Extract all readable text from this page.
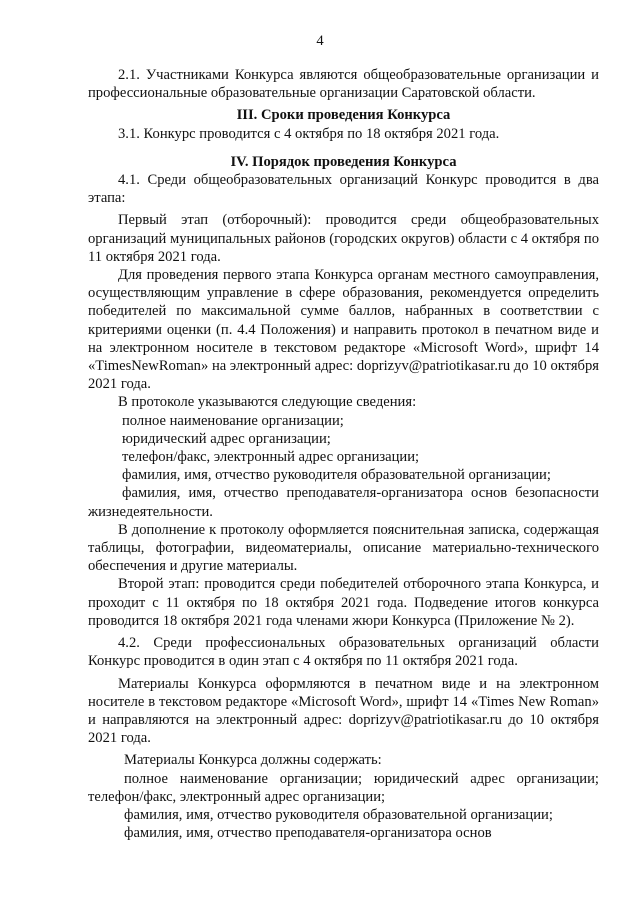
4

2.1. Участниками Конкурса являются общеобразовательные организации и профессиональные образовательные организации Саратовской области.

III. Сроки проведения Конкурса

3.1. Конкурс проводится с 4 октября по 18 октября 2021 года.

IV. Порядок проведения Конкурса

4.1. Среди общеобразовательных организаций Конкурс проводится в два этапа:

Первый этап (отборочный): проводится среди общеобразовательных организаций муниципальных районов (городских округов) области с 4 октября по 11 октября 2021 года.

Для проведения первого этапа Конкурса органам местного самоуправления, осуществляющим управление в сфере образования, рекомендуется определить победителей по максимальной сумме баллов, набранных в соответствии с критериями оценки (п. 4.4 Положения) и направить протокол в печатном виде и на электронном носителе в текстовом редакторе «Microsoft Word», шрифт 14 «TimesNewRoman» на электронный адрес: doprizyv@patriotikasar.ru до 10 октября 2021 года.

В протоколе указываются следующие сведения:

полное наименование организации;

юридический адрес организации;

телефон/факс, электронный адрес организации;

фамилия, имя, отчество руководителя образовательной организации;

фамилия, имя, отчество преподавателя-организатора основ безопасности жизнедеятельности.

В дополнение к протоколу оформляется пояснительная записка, содержащая таблицы, фотографии, видеоматериалы, описание материально-технического обеспечения и другие материалы.

Второй этап: проводится среди победителей отборочного этапа Конкурса, и проходит с 11 октября по 18 октября 2021 года. Подведение итогов конкурса проводится 18 октября 2021 года членами жюри Конкурса (Приложение № 2).

4.2. Среди профессиональных образовательных организаций области Конкурс проводится в один этап с 4 октября по 11 октября 2021 года.

Материалы Конкурса оформляются в печатном виде и на электронном носителе в текстовом редакторе «Microsoft Word», шрифт 14 «Times New Roman» и направляются на электронный адрес: doprizyv@patriotikasar.ru до 10 октября 2021 года.

Материалы Конкурса должны содержать:

полное наименование организации; юридический адрес организации; телефон/факс, электронный адрес организации;

фамилия, имя, отчество руководителя образовательной организации;

фамилия, имя, отчество преподавателя-организатора основ
